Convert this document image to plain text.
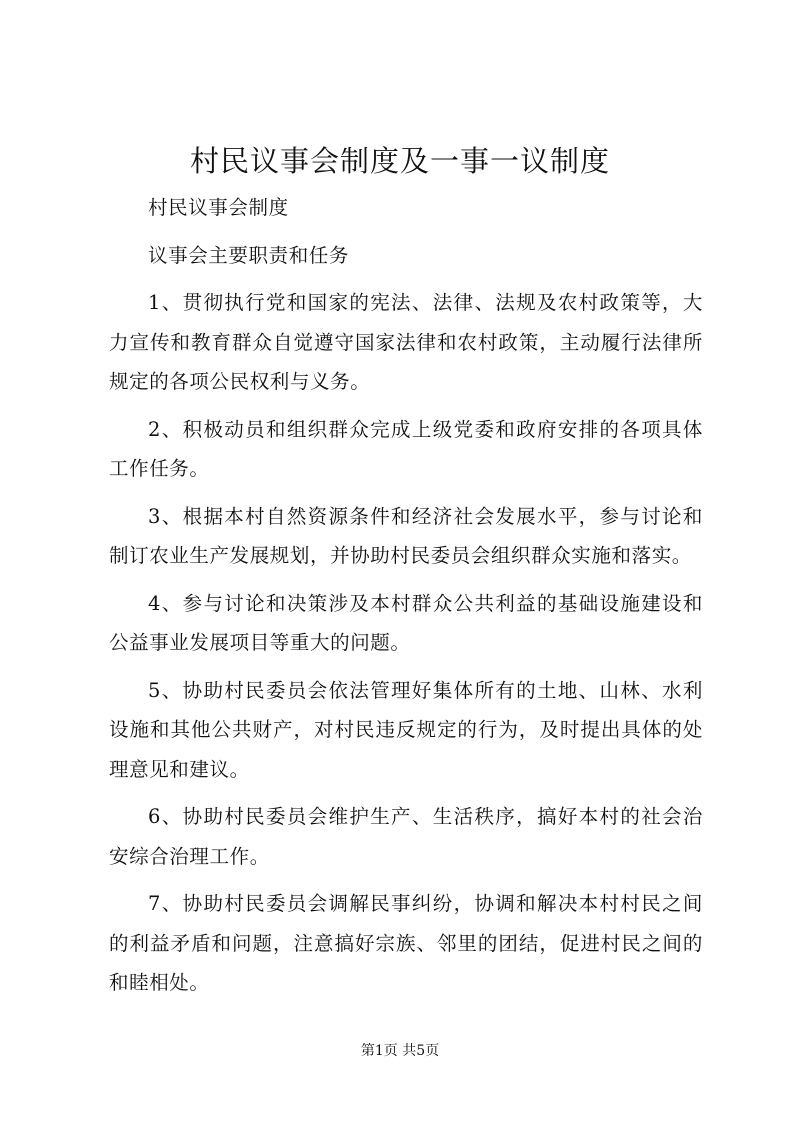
村民议事会制度及一事一议制度

村民议事会制度

议事会主要职责和任务

1、贯彻执行党和国家的宪法、法律、法规及农村政策等，大力宣传和教育群众自觉遵守国家法律和农村政策，主动履行法律所规定的各项公民权利与义务。

2、积极动员和组织群众完成上级党委和政府安排的各项具体工作任务。

3、根据本村自然资源条件和经济社会发展水平，参与讨论和制订农业生产发展规划，并协助村民委员会组织群众实施和落实。

4、参与讨论和决策涉及本村群众公共利益的基础设施建设和公益事业发展项目等重大的问题。

5、协助村民委员会依法管理好集体所有的土地、山林、水利设施和其他公共财产，对村民违反规定的行为，及时提出具体的处理意见和建议。

6、协助村民委员会维护生产、生活秩序，搞好本村的社会治安综合治理工作。

7、协助村民委员会调解民事纠纷，协调和解决本村村民之间的利益矛盾和问题，注意搞好宗族、邻里的团结，促进村民之间的和睦相处。

第1页 共5页
